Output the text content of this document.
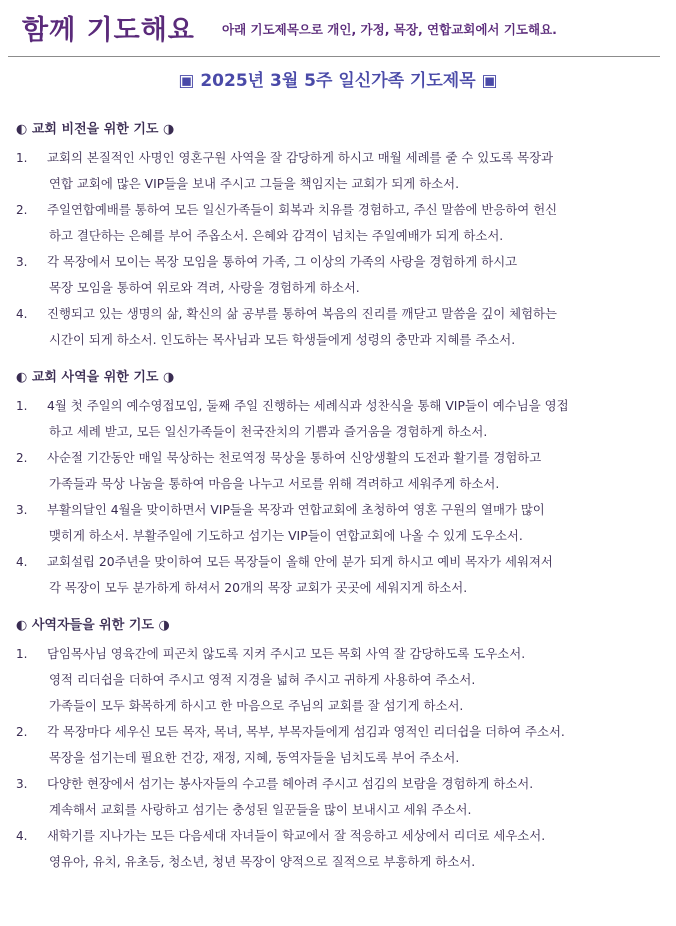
함께 기도해요 아래 기도제목으로 개인, 가정, 목장, 연합교회에서 기도해요.
▣ 2025년 3월 5주 일신가족 기도제목 ▣
◐ 교회 비전을 위한 기도 ◑
1. 교회의 본질적인 사명인 영혼구원 사역을 잘 감당하게 하시고 매월 세례를 줄 수 있도록 목장과
연합 교회에 많은 VIP들을 보내 주시고 그들을 책임지는 교회가 되게 하소서.
2. 주일연합예배를 통하여 모든 일신가족들이 회복과 치유를 경험하고, 주신 말씀에 반응하여 헌신
하고 결단하는 은혜를 부어 주옵소서. 은혜와 감격이 넘치는 주일예배가 되게 하소서.
3. 각 목장에서 모이는 목장 모임을 통하여 가족, 그 이상의 가족의 사랑을 경험하게 하시고
목장 모임을 통하여 위로와 격려, 사랑을 경험하게 하소서.
4. 진행되고 있는 생명의 삶, 확신의 삶 공부를 통하여 복음의 진리를 깨닫고 말씀을 깊이 체험하는
시간이 되게 하소서. 인도하는 목사님과 모든 학생들에게 성령의 충만과 지혜를 주소서.
◐ 교회 사역을 위한 기도 ◑
1. 4월 첫 주일의 예수영접모임, 둘째 주일 진행하는 세례식과 성찬식을 통해 VIP들이 예수님을 영접
하고 세례 받고, 모든 일신가족들이 천국잔치의 기쁨과 즐거움을 경험하게 하소서.
2. 사순절 기간동안 매일 묵상하는 천로역정 묵상을 통하여 신앙생활의 도전과 활기를 경험하고
가족들과 묵상 나눔을 통하여 마음을 나누고 서로를 위해 격려하고 세워주게 하소서.
3. 부활의달인 4월을 맞이하면서 VIP들을 목장과 연합교회에 초청하여 영혼 구원의 열매가 많이
맺히게 하소서. 부활주일에 기도하고 섬기는 VIP들이 연합교회에 나올 수 있게 도우소서.
4. 교회설립 20주년을 맞이하여 모든 목장들이 올해 안에 분가 되게 하시고 예비 목자가 세워져서
각 목장이 모두 분가하게 하셔서 20개의 목장 교회가 곳곳에 세워지게 하소서.
◐ 사역자들을 위한 기도 ◑
1. 담임목사님 영육간에 피곤치 않도록 지켜 주시고 모든 목회 사역 잘 감당하도록 도우소서.
영적 리더쉽을 더하여 주시고 영적 지경을 넓혀 주시고 귀하게 사용하여 주소서.
가족들이 모두 화목하게 하시고 한 마음으로 주님의 교회를 잘 섬기게 하소서.
2. 각 목장마다 세우신 모든 목자, 목녀, 목부, 부목자들에게 섬김과 영적인 리더쉽을 더하여 주소서.
목장을 섬기는데 필요한 건강, 재정, 지혜, 동역자들을 넘치도록 부어 주소서.
3. 다양한 현장에서 섬기는 봉사자들의 수고를 헤아려 주시고 섬김의 보람을 경험하게 하소서.
계속해서 교회를 사랑하고 섬기는 충성된 일꾼들을 많이 보내시고 세워 주소서.
4. 새학기를 지나가는 모든 다음세대 자녀들이 학교에서 잘 적응하고 세상에서 리더로 세우소서.
영유아, 유치, 유초등, 청소년, 청년 목장이 양적으로 질적으로 부흥하게 하소서.
